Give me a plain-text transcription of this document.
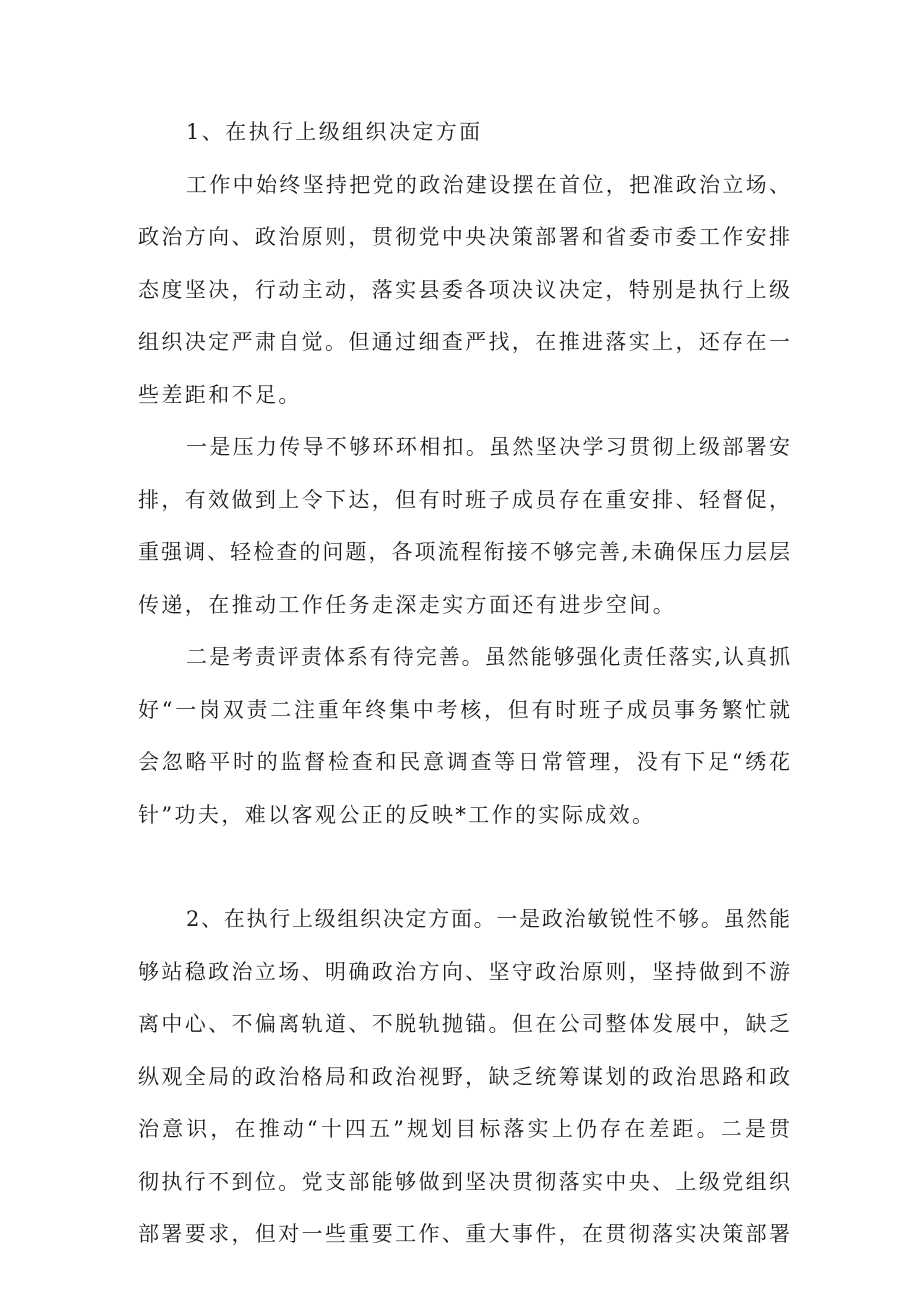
1、在执行上级组织决定方面
工作中始终坚持把党的政治建设摆在首位，把准政治立场、
政治方向、政治原则，贯彻党中央决策部署和省委市委工作安排
态度坚决，行动主动，落实县委各项决议决定，特别是执行上级
组织决定严肃自觉。但通过细查严找，在推进落实上，还存在一
些差距和不足。
一是压力传导不够环环相扣。虽然坚决学习贯彻上级部署安
排，有效做到上令下达，但有时班子成员存在重安排、轻督促，
重强调、轻检查的问题，各项流程衔接不够完善,未确保压力层层
传递，在推动工作任务走深走实方面还有进步空间。
二是考责评责体系有待完善。虽然能够强化责任落实,认真抓
好“一岗双责二注重年终集中考核，但有时班子成员事务繁忙就
会忽略平时的监督检查和民意调查等日常管理，没有下足“绣花
针”功夫，难以客观公正的反映*工作的实际成效。
2、在执行上级组织决定方面。一是政治敏锐性不够。虽然能
够站稳政治立场、明确政治方向、坚守政治原则，坚持做到不游
离中心、不偏离轨道、不脱轨抛锚。但在公司整体发展中，缺乏
纵观全局的政治格局和政治视野，缺乏统筹谋划的政治思路和政
治意识，在推动“十四五”规划目标落实上仍存在差距。二是贯
彻执行不到位。党支部能够做到坚决贯彻落实中央、上级党组织
部署要求，但对一些重要工作、重大事件，在贯彻落实决策部署
